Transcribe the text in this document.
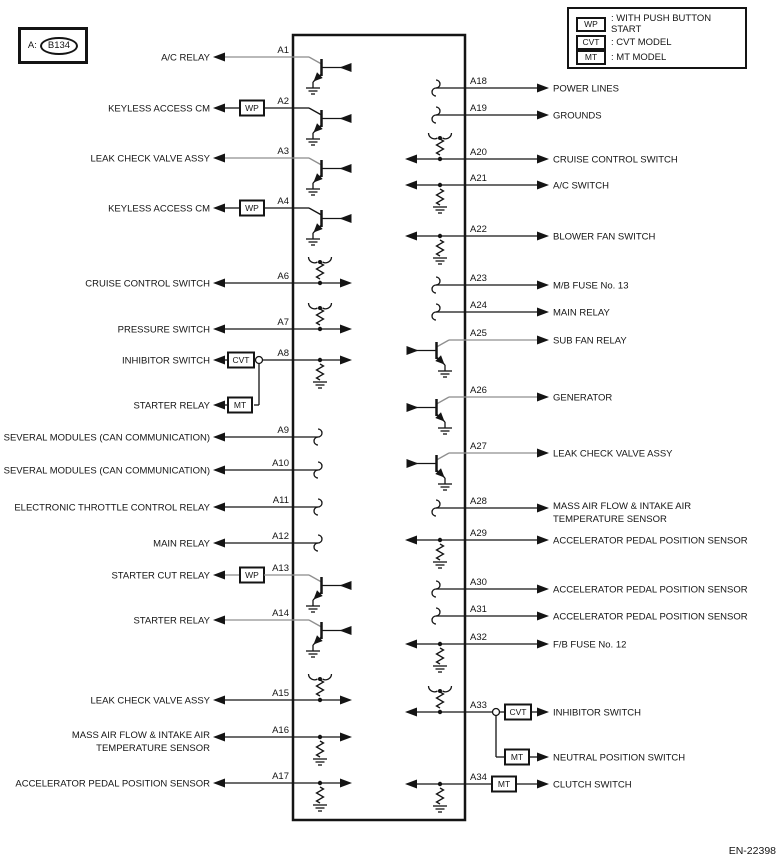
A:	B134
WP	: WITH PUSH BUTTON START
CVT	: CVT MODEL
MT	: MT MODEL
A1
A/C RELAY
A2
KEYLESS ACCESS CM	WP
A3
LEAK CHECK VALVE ASSY
A4
KEYLESS ACCESS CM	WP
A6
CRUISE CONTROL SWITCH
A7
PRESSURE SWITCH
A8
INHIBITOR SWITCH	CVT
MT
STARTER RELAY
A9
SEVERAL MODULES (CAN COMMUNICATION)
A10
SEVERAL MODULES (CAN COMMUNICATION)
A11
ELECTRONIC THROTTLE CONTROL RELAY
A12
MAIN RELAY
A13
STARTER CUT RELAY	WP
A14
STARTER RELAY
A15
LEAK CHECK VALVE ASSY
A16
MASS AIR FLOW & INTAKE AIR
TEMPERATURE SENSOR
A17
ACCELERATOR PEDAL POSITION SENSOR
A18
POWER LINES
A19
GROUNDS
A20
CRUISE CONTROL SWITCH
A21
A/C SWITCH
A22
BLOWER FAN SWITCH
A23
M/B FUSE No. 13
A24
MAIN RELAY
A25
SUB FAN RELAY
A26
GENERATOR
A27
LEAK CHECK VALVE ASSY
A28	MASS AIR FLOW & INTAKE AIR
TEMPERATURE SENSOR
A29
ACCELERATOR PEDAL POSITION SENSOR
A30
ACCELERATOR PEDAL POSITION SENSOR
A31
ACCELERATOR PEDAL POSITION SENSOR
A32
F/B FUSE No. 12
A33
INHIBITOR SWITCH
CVT
MT	NEUTRAL POSITION SWITCH
A34
CLUTCH SWITCH
MT
EN-22398
